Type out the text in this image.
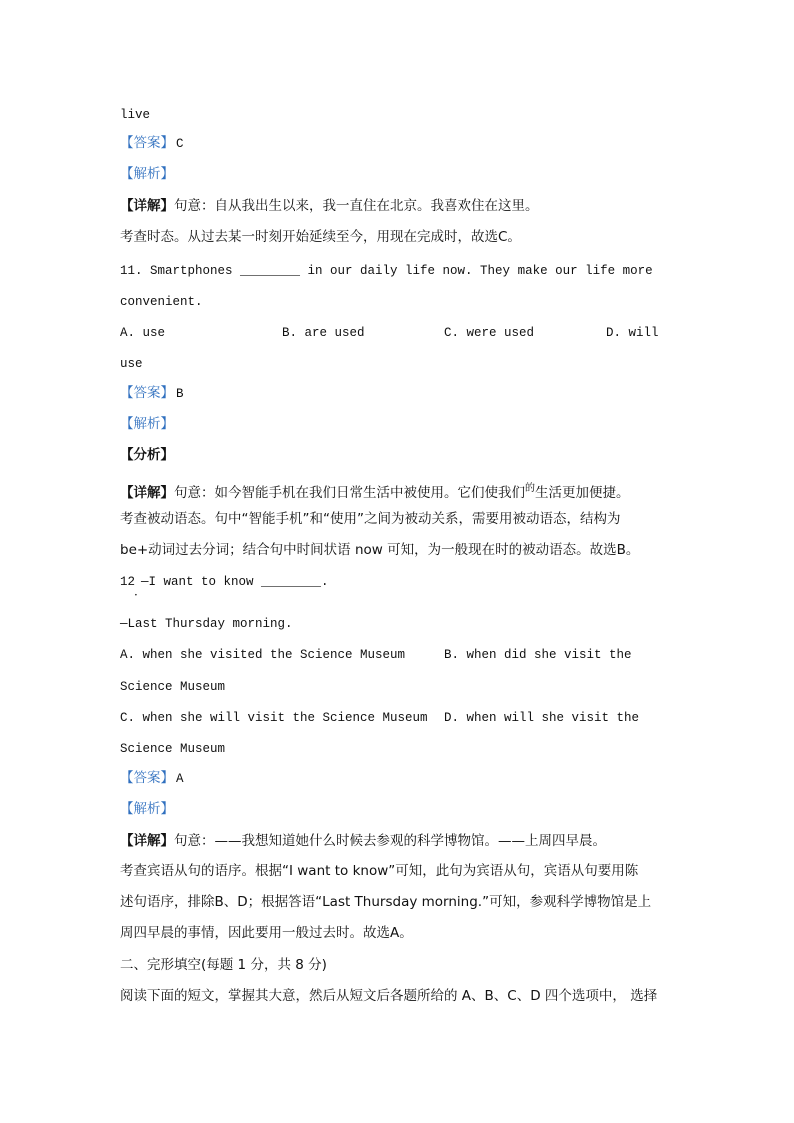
live
【答案】 C
【解析】
【详解】句意：自从我出生以来，我一直住在北京。我喜欢住在这里。
考查时态。从过去某一时刻开始延续至今，用现在完成时，故选C。
11. Smartphones ________ in our daily life now. They make our life more
convenient.
A. use	B. are used	C. were used	D. will
use
【答案】 B
【解析】
【分析】
【详解】句意：如今智能手机在我们日常生活中被使用。它们使我们$^的$生活更加便捷。
考查被动语态。句中“智能手机”和“使用”之间为被动关系，需要用被动语态，结构为
be+动词过去分词；结合句中时间状语 now 可知，为一般现在时的被动语态。故选B。
12 —I want to know ________.
·
—Last Thursday morning.
A. when she visited the Science Museum	B. when did she visit the
Science Museum
C. when she will visit the Science Museum D. when will she visit the
Science Museum
【答案】 A
【解析】
【详解】句意：——我想知道她什么时候去参观的科学博物馆。——上周四早晨。
考查宾语从句的语序。根据“I want to know”可知，此句为宾语从句，宾语从句要用陈
述句语序，排除B、D；根据答语“Last Thursday morning.”可知，参观科学博物馆是上
周四早晨的事情，因此要用一般过去时。故选A。
二、完形填空(每题 1 分，共 8 分)
阅读下面的短文，掌握其大意，然后从短文后各题所给的 A、B、C、D 四个选项中， 选择
